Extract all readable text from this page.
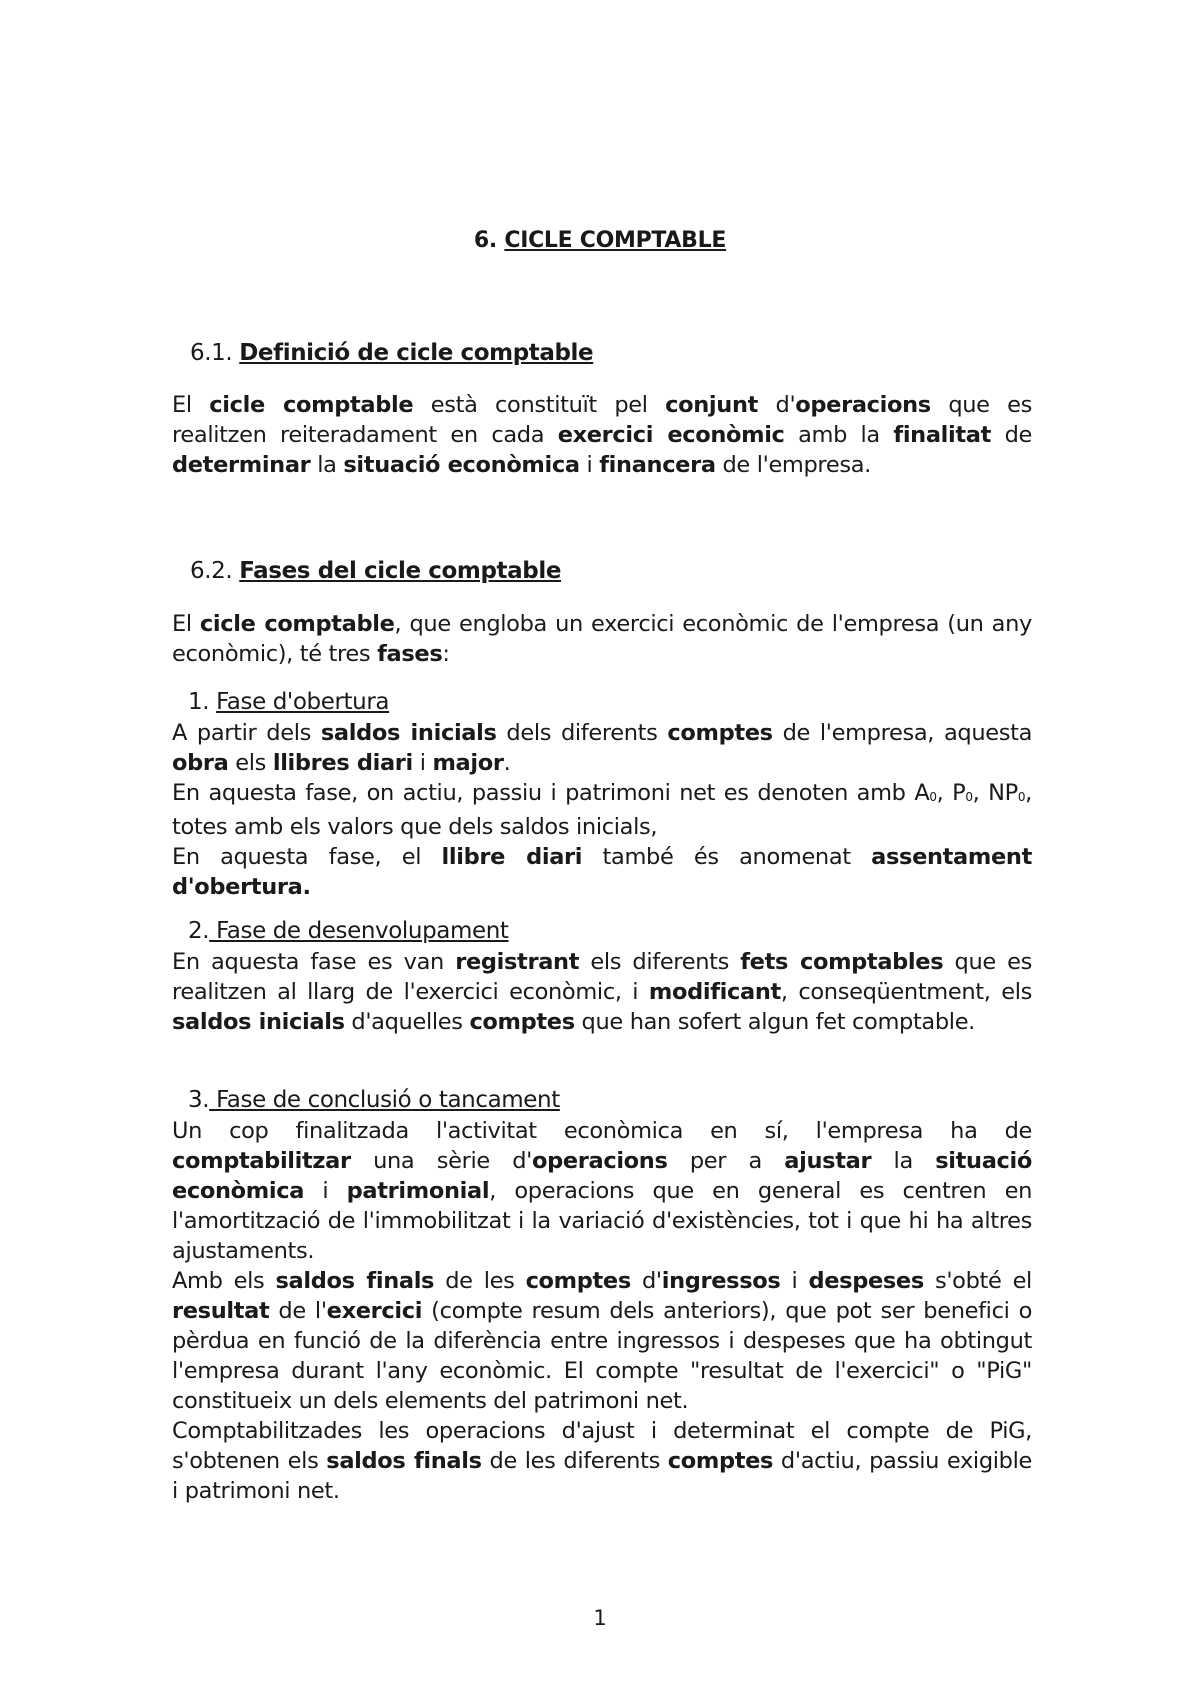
6. CICLE COMPTABLE
6.1. Definició de cicle comptable
El cicle comptable està constituït pel conjunt d'operacions que es realitzen reiteradament en cada exercici econòmic amb la finalitat de determinar la situació econòmica i financera de l'empresa.
6.2. Fases del cicle comptable
El cicle comptable, que engloba un exercici econòmic de l'empresa (un any econòmic), té tres fases:
1. Fase d'obertura
A partir dels saldos inicials dels diferents comptes de l'empresa, aquesta obra els llibres diari i major.
En aquesta fase, on actiu, passiu i patrimoni net es denoten amb $A_0$, $P_0$, $NP_0$, totes amb els valors que dels saldos inicials,
En aquesta fase, el llibre diari també és anomenat assentament d'obertura.
2. Fase de desenvolupament
En aquesta fase es van registrant els diferents fets comptables que es realitzen al llarg de l'exercici econòmic, i modificant, conseqüentment, els saldos inicials d'aquelles comptes que han sofert algun fet comptable.
3. Fase de conclusió o tancament
Un cop finalitzada l'activitat econòmica en sí, l'empresa ha de comptabilitzar una sèrie d'operacions per a ajustar la situació econòmica i patrimonial, operacions que en general es centren en l'amortització de l'immobilitzat i la variació d'existències, tot i que hi ha altres ajustaments.
Amb els saldos finals de les comptes d'ingressos i despeses s'obté el resultat de l'exercici (compte resum dels anteriors), que pot ser benefici o pèrdua en funció de la diferència entre ingressos i despeses que ha obtingut l'empresa durant l'any econòmic. El compte "resultat de l'exercici" o "PiG" constitueix un dels elements del patrimoni net.
Comptabilitzades les operacions d'ajust i determinat el compte de PiG, s'obtenen els saldos finals de les diferents comptes d'actiu, passiu exigible i patrimoni net.
1
